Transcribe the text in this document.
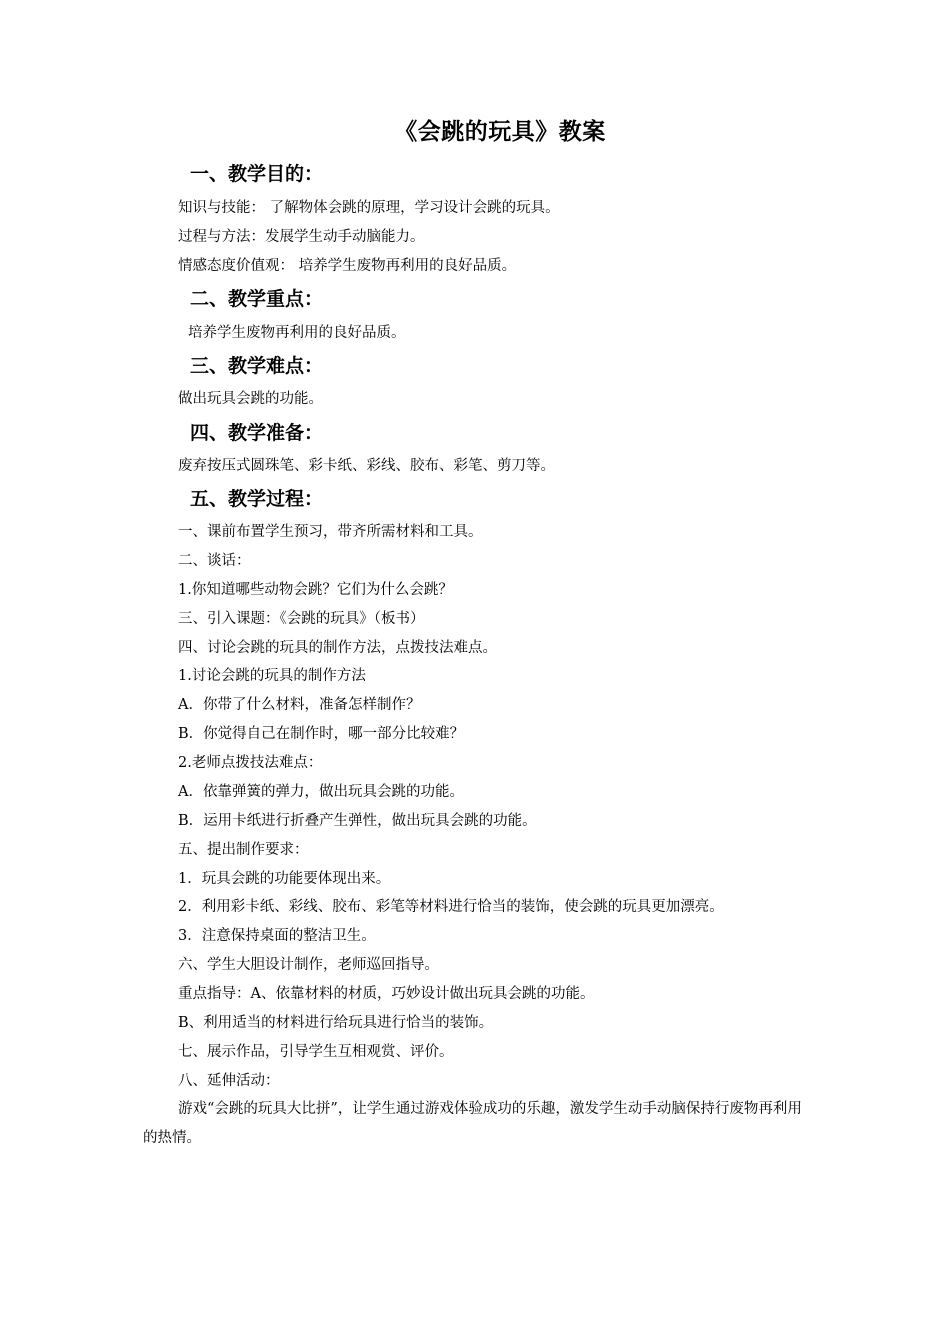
《会跳的玩具》教案
一、教学目的：
知识与技能： 了解物体会跳的原理，学习设计会跳的玩具。
过程与方法：发展学生动手动脑能力。
情感态度价值观： 培养学生废物再利用的良好品质。
二、教学重点：
培养学生废物再利用的良好品质。
三、教学难点：
做出玩具会跳的功能。
四、教学准备：
废弃按压式圆珠笔、彩卡纸、彩线、胶布、彩笔、剪刀等。
五、教学过程：
一、课前布置学生预习，带齐所需材料和工具。
二、谈话：
1.你知道哪些动物会跳？它们为什么会跳？
三、引入课题：《会跳的玩具》（板书）
四、讨论会跳的玩具的制作方法，点拨技法难点。
1.讨论会跳的玩具的制作方法
A．你带了什么材料，准备怎样制作？
B．你觉得自己在制作时，哪一部分比较难？
2.老师点拨技法难点：
A．依靠弹簧的弹力，做出玩具会跳的功能。
B．运用卡纸进行折叠产生弹性，做出玩具会跳的功能。
五、提出制作要求：
1．玩具会跳的功能要体现出来。
2．利用彩卡纸、彩线、胶布、彩笔等材料进行恰当的装饰，使会跳的玩具更加漂亮。
3．注意保持桌面的整洁卫生。
六、学生大胆设计制作，老师巡回指导。
重点指导：A、依靠材料的材质，巧妙设计做出玩具会跳的功能。
B、利用适当的材料进行给玩具进行恰当的装饰。
七、展示作品，引导学生互相观赏、评价。
八、延伸活动：
游戏“会跳的玩具大比拼”，让学生通过游戏体验成功的乐趣，激发学生动手动脑保持行废物再利用的热情。
